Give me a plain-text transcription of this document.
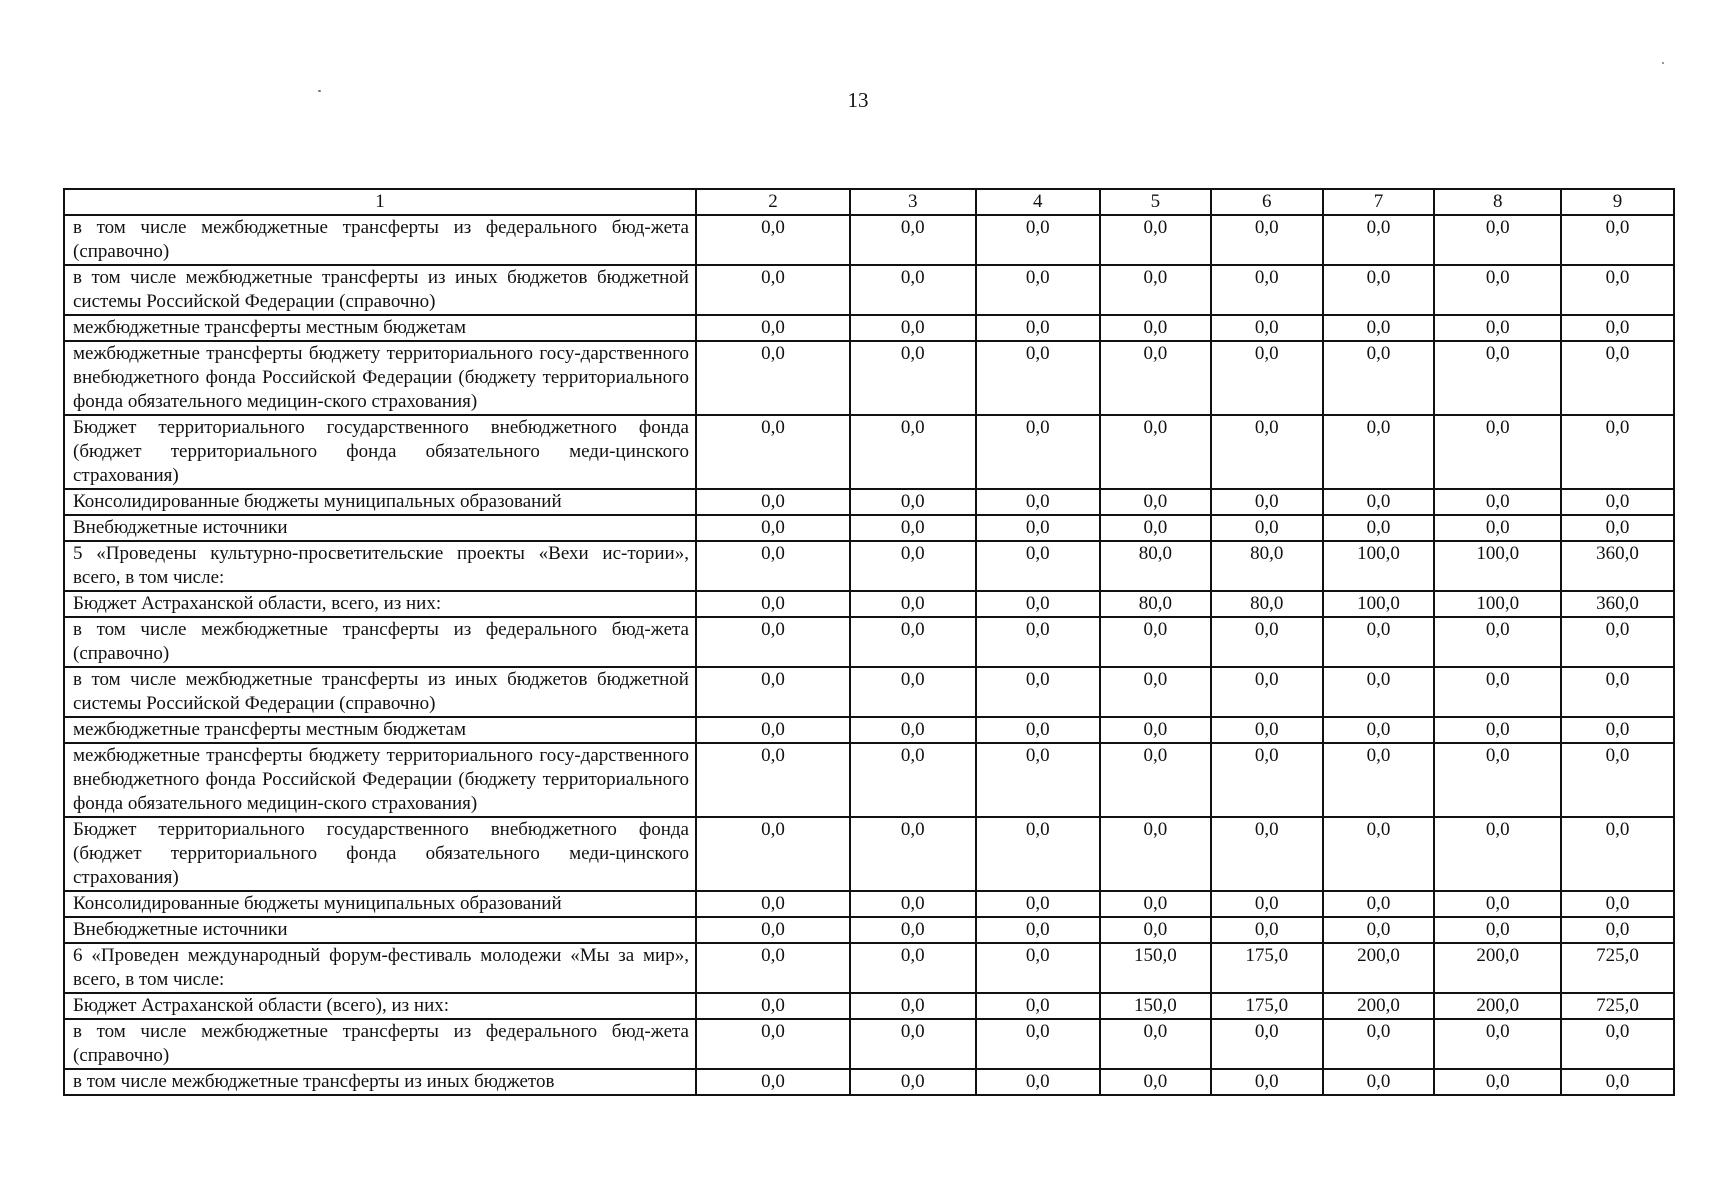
13
1	2	3	4	5	6	7	8	9
в том числе межбюджетные трансферты из федерального бюд-жета (справочно)	0,0	0,0	0,0	0,0	0,0	0,0	0,0	0,0
в том числе межбюджетные трансферты из иных бюджетов бюджетной системы Российской Федерации (справочно)	0,0	0,0	0,0	0,0	0,0	0,0	0,0	0,0
межбюджетные трансферты местным бюджетам	0,0	0,0	0,0	0,0	0,0	0,0	0,0	0,0
межбюджетные трансферты бюджету территориального госу-дарственного внебюджетного фонда Российской Федерации (бюджету территориального фонда обязательного медицин-ского страхования)	0,0	0,0	0,0	0,0	0,0	0,0	0,0	0,0
Бюджет территориального государственного внебюджетного фонда (бюджет территориального фонда обязательного меди-цинского страхования)	0,0	0,0	0,0	0,0	0,0	0,0	0,0	0,0
Консолидированные бюджеты муниципальных образований	0,0	0,0	0,0	0,0	0,0	0,0	0,0	0,0
Внебюджетные источники	0,0	0,0	0,0	0,0	0,0	0,0	0,0	0,0
5 «Проведены культурно-просветительские проекты «Вехи ис-тории», всего, в том числе:	0,0	0,0	0,0	80,0	80,0	100,0	100,0	360,0
Бюджет Астраханской области, всего, из них:	0,0	0,0	0,0	80,0	80,0	100,0	100,0	360,0
в том числе межбюджетные трансферты из федерального бюд-жета (справочно)	0,0	0,0	0,0	0,0	0,0	0,0	0,0	0,0
в том числе межбюджетные трансферты из иных бюджетов бюджетной системы Российской Федерации (справочно)	0,0	0,0	0,0	0,0	0,0	0,0	0,0	0,0
межбюджетные трансферты местным бюджетам	0,0	0,0	0,0	0,0	0,0	0,0	0,0	0,0
межбюджетные трансферты бюджету территориального госу-дарственного внебюджетного фонда Российской Федерации (бюджету территориального фонда обязательного медицин-ского страхования)	0,0	0,0	0,0	0,0	0,0	0,0	0,0	0,0
Бюджет территориального государственного внебюджетного фонда (бюджет территориального фонда обязательного меди-цинского страхования)	0,0	0,0	0,0	0,0	0,0	0,0	0,0	0,0
Консолидированные бюджеты муниципальных образований	0,0	0,0	0,0	0,0	0,0	0,0	0,0	0,0
Внебюджетные источники	0,0	0,0	0,0	0,0	0,0	0,0	0,0	0,0
6 «Проведен международный форум-фестиваль молодежи «Мы за мир», всего, в том числе:	0,0	0,0	0,0	150,0	175,0	200,0	200,0	725,0
Бюджет Астраханской области (всего), из них:	0,0	0,0	0,0	150,0	175,0	200,0	200,0	725,0
в том числе межбюджетные трансферты из федерального бюд-жета (справочно)	0,0	0,0	0,0	0,0	0,0	0,0	0,0	0,0
в том числе межбюджетные трансферты из иных бюджетов	0,0	0,0	0,0	0,0	0,0	0,0	0,0	0,0
